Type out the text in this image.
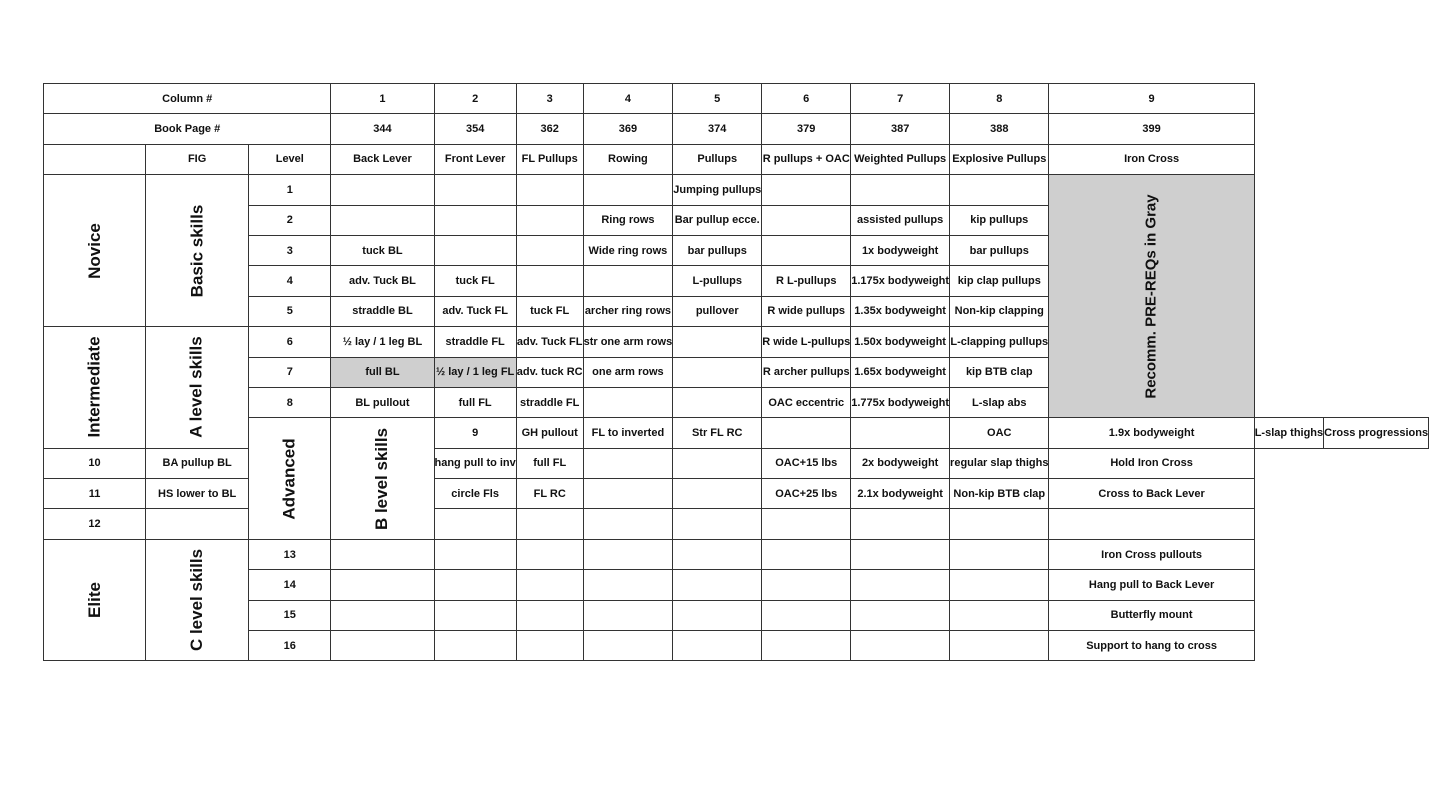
Column #			1	2	3	4	5	6	7	8	9		
Book Page #			344	354	362	369	374	379	387	388	399		
	FIG	Level	Back Lever	Front Lever	FL Pullups	Rowing	Pullups	R pullups + OAC	Weighted Pullups	Explosive Pullups	Iron Cross		
Novice	Basic skills	1					Jumping pullups				Recomm. PRE-REQs in Gray		
		2				Ring rows	Bar pullup ecce.		assisted pullups	kip pullups			
		3	tuck BL			Wide ring rows	bar pullups		1x bodyweight	bar pullups			
		4	adv. Tuck BL	tuck FL			L-pullups	R L-pullups	1.175x bodyweight	kip clap pullups			
		5	straddle BL	adv. Tuck FL	tuck FL	archer ring rows	pullover	R wide pullups	1.35x bodyweight	Non-kip clapping			
Intermediate	A level skills	6	½ lay / 1 leg BL	straddle FL	adv. Tuck FL	str one arm rows		R wide L-pullups	1.50x bodyweight	L-clapping pullups			
		7	full BL	½ lay / 1 leg FL	adv. tuck RC	one arm rows		R archer pullups	1.65x bodyweight	kip BTB clap			
		8	BL pullout	full FL	straddle FL			OAC eccentric	1.775x bodyweight	L-slap abs			
		Advanced	B level skills	9	GH pullout	FL to inverted	Str FL RC			OAC	1.9x bodyweight	L-slap thighs	Cross progressions
10	BA pullup BL			hang pull to inv	full FL			OAC+15 lbs	2x bodyweight	regular slap thighs	Hold Iron Cross		
11	HS lower to BL			circle Fls	FL RC			OAC+25 lbs	2.1x bodyweight	Non-kip BTB clap	Cross to Back Lever		
12													
Elite	C level skills	13									Iron Cross pullouts		
		14									Hang pull to Back Lever		
		15									Butterfly mount		
		16									Support to hang to cross		
